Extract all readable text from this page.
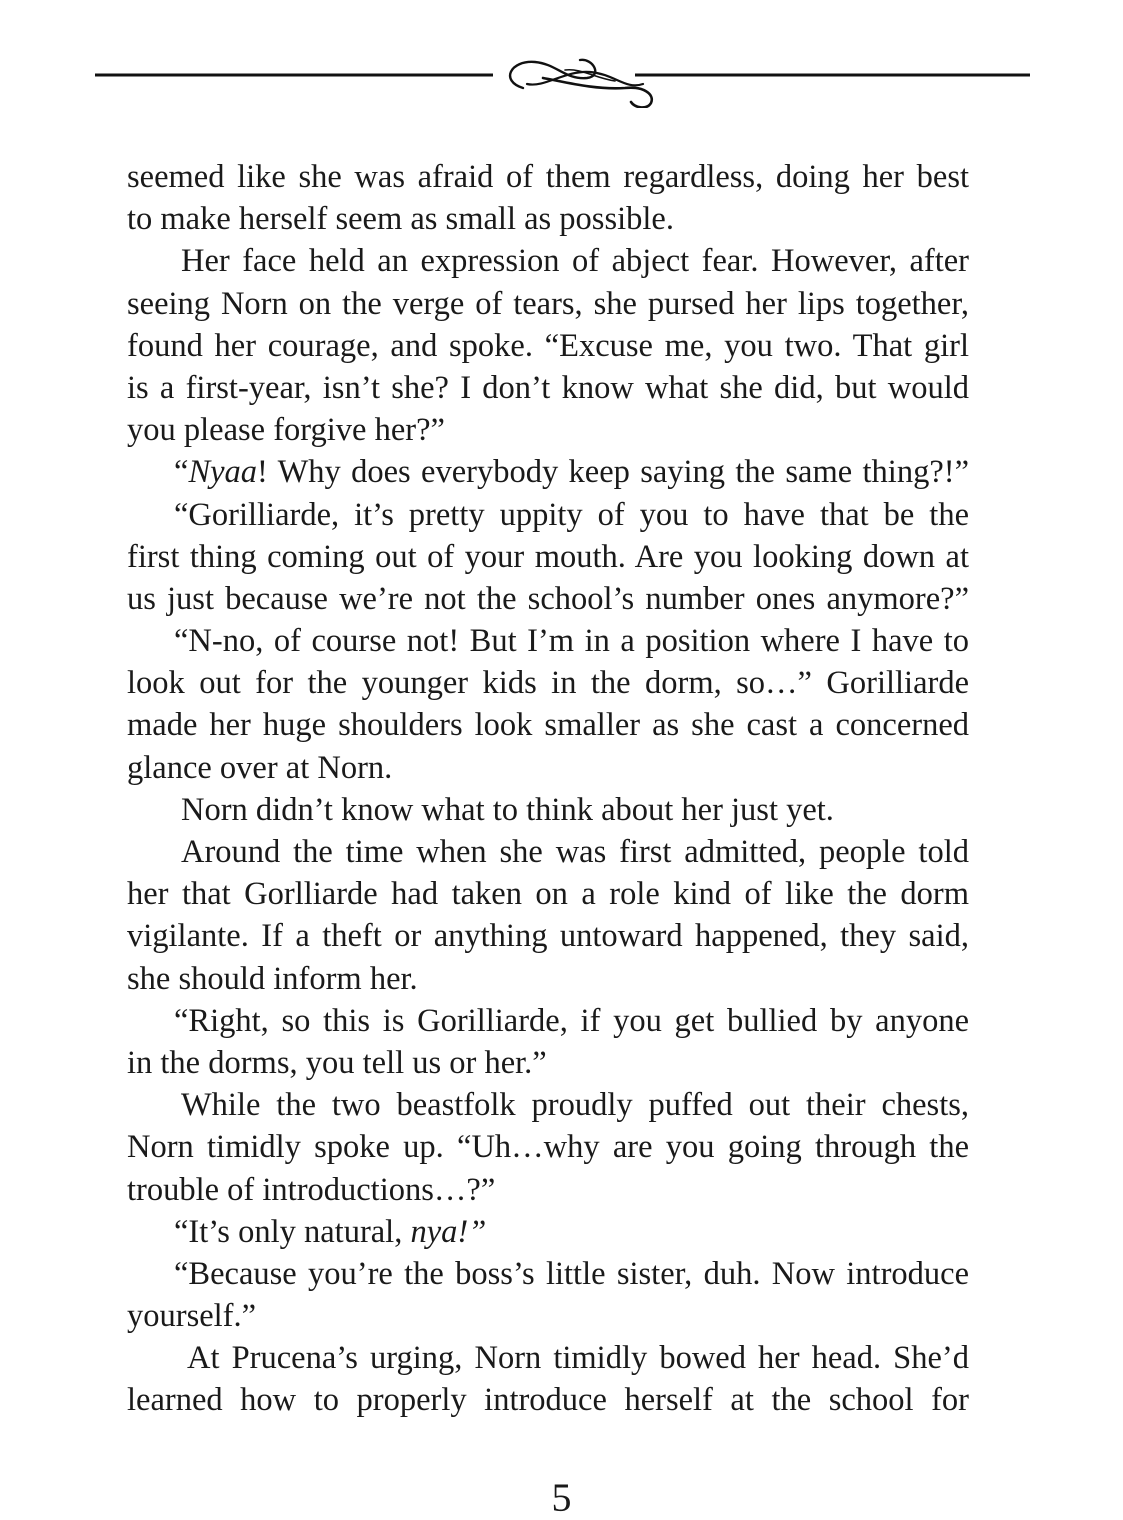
seemed like she was afraid of them regardless, doing her best
to make herself seem as small as possible.
Her face held an expression of abject fear. However, after
seeing Norn on the verge of tears, she pursed her lips together,
found her courage, and spoke. “Excuse me, you two. That girl
is a first-year, isn’t she? I don’t know what she did, but would
you please forgive her?”
“Nyaa! Why does everybody keep saying the same thing?!”
“Gorilliarde, it’s pretty uppity of you to have that be the
first thing coming out of your mouth. Are you looking down at
us just because we’re not the school’s number ones anymore?”
“N-no, of course not! But I’m in a position where I have to
look out for the younger kids in the dorm, so…” Gorilliarde
made her huge shoulders look smaller as she cast a concerned
glance over at Norn.
Norn didn’t know what to think about her just yet.
Around the time when she was first admitted, people told
her that Gorlliarde had taken on a role kind of like the dorm
vigilante. If a theft or anything untoward happened, they said,
she should inform her.
“Right, so this is Gorilliarde, if you get bullied by anyone
in the dorms, you tell us or her.”
While the two beastfolk proudly puffed out their chests,
Norn timidly spoke up. “Uh…why are you going through the
trouble of introductions…?”
“It’s only natural, nya!”
“Because you’re the boss’s little sister, duh. Now introduce
yourself.”
At Prucena’s urging, Norn timidly bowed her head. She’d
learned how to properly introduce herself at the school for
5
